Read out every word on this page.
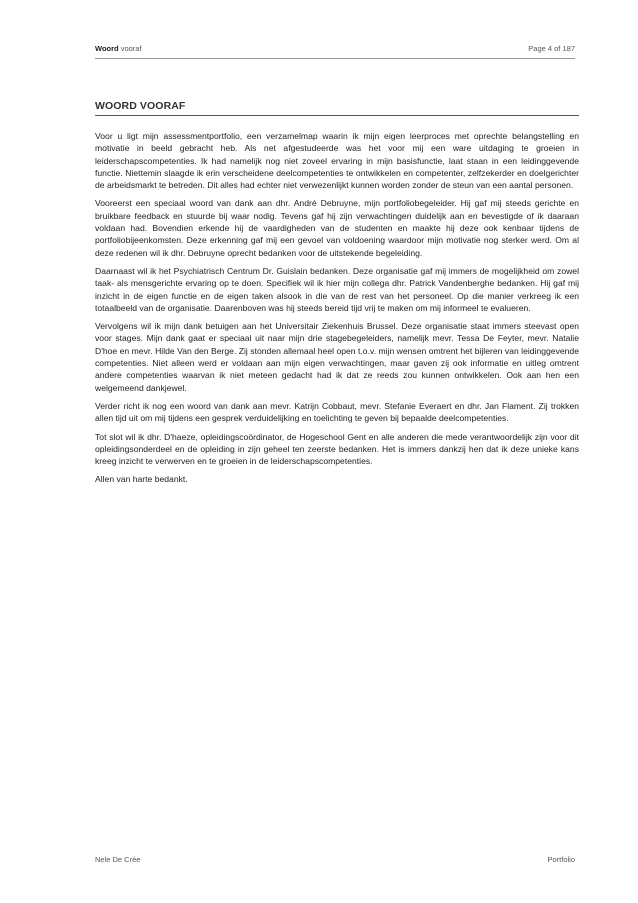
Woord vooraf	Page 4 of 187
WOORD VOORAF

Voor u ligt mijn assessmentportfolio, een verzamelmap waarin ik mijn eigen leerproces met oprechte belangstelling en motivatie in beeld gebracht heb. Als net afgestudeerde was het voor mij een ware uitdaging te groeien in leiderschapscompetenties. Ik had namelijk nog niet zoveel ervaring in mijn basisfunctie, laat staan in een leidinggevende functie. Niettemin slaagde ik erin verscheidene deelcompetenties te ontwikkelen en competenter, zelfzekerder en doelgerichter de arbeidsmarkt te betreden. Dit alles had echter niet verwezenlijkt kunnen worden zonder de steun van een aantal personen.

Vooreerst een speciaal woord van dank aan dhr. André Debruyne, mijn portfoliobegeleider. Hij gaf mij steeds gerichte en bruikbare feedback en stuurde bij waar nodig. Tevens gaf hij zijn verwachtingen duidelijk aan en bevestigde of ik daaraan voldaan had. Bovendien erkende hij de vaardigheden van de studenten en maakte hij deze ook kenbaar tijdens de portfoliobijeenkomsten. Deze erkenning gaf mij een gevoel van voldoening waardoor mijn motivatie nog sterker werd. Om al deze redenen wil ik dhr. Debruyne oprecht bedanken voor de uitstekende begeleiding.

Daarnaast wil ik het Psychiatrisch Centrum Dr. Guislain bedanken. Deze organisatie gaf mij immers de mogelijkheid om zowel taak- als mensgerichte ervaring op te doen. Specifiek wil ik hier mijn collega dhr. Patrick Vandenberghe bedanken. Hij gaf mij inzicht in de eigen functie en de eigen taken alsook in die van de rest van het personeel. Op die manier verkreeg ik een totaalbeeld van de organisatie. Daarenboven was hij steeds bereid tijd vrij te maken om mij informeel te evalueren.

Vervolgens wil ik mijn dank betuigen aan het Universitair Ziekenhuis Brussel. Deze organisatie staat immers steevast open voor stages. Mijn dank gaat er speciaal uit naar mijn drie stagebegeleiders, namelijk mevr. Tessa De Feyter, mevr. Natalie D'hoe en mevr. Hilde Van den Berge. Zij stonden allemaal heel open t.o.v. mijn wensen omtrent het bijleren van leidinggevende competenties. Niet alleen werd er voldaan aan mijn eigen verwachtingen, maar gaven zij ook informatie en uitleg omtrent andere competenties waarvan ik niet meteen gedacht had ik dat ze reeds zou kunnen ontwikkelen. Ook aan hen een welgemeend dankjewel.

Verder richt ik nog een woord van dank aan mevr. Katrijn Cobbaut, mevr. Stefanie Everaert en dhr. Jan Flament. Zij trokken allen tijd uit om mij tijdens een gesprek verduidelijking en toelichting te geven bij bepaalde deelcompetenties.

Tot slot wil ik dhr. D'haeze, opleidingscoördinator, de Hogeschool Gent en alle anderen die mede verantwoordelijk zijn voor dit opleidingsonderdeel en de opleiding in zijn geheel ten zeerste bedanken. Het is immers dankzij hen dat ik deze unieke kans kreeg inzicht te verwerven en te groeien in de leiderschapscompetenties.

Allen van harte bedankt.

Nele De Crée	Portfolio
